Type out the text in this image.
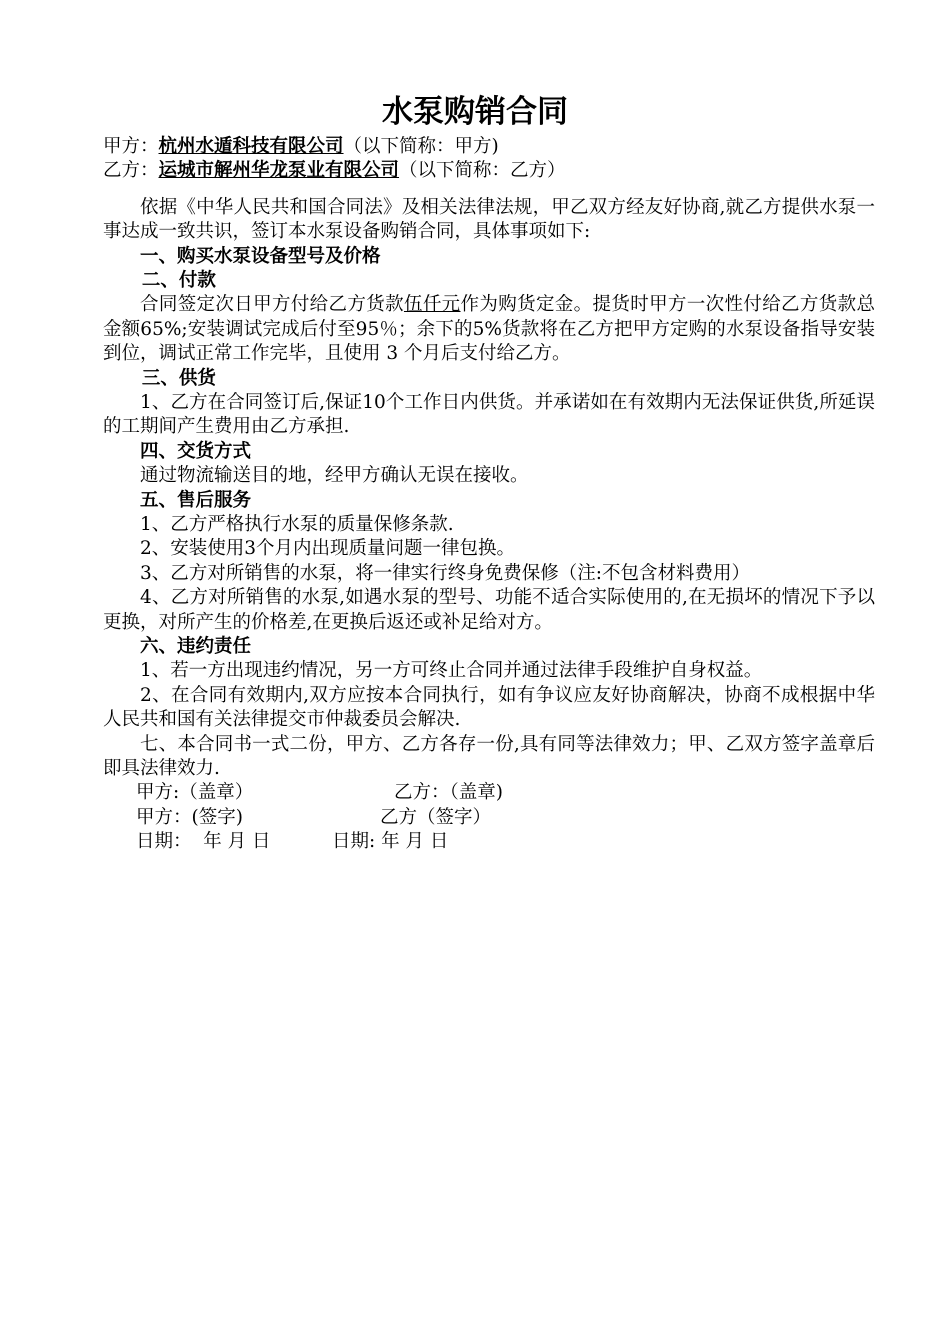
水泵购销合同
甲方：杭州水遁科技有限公司（以下简称：甲方)
乙方：运城市解州华龙泵业有限公司（以下简称：乙方）

依据《中华人民共和国合同法》及相关法律法规，甲乙双方经友好协商,就乙方提供水泵一事达成一致共识，签订本水泵设备购销合同，具体事项如下:

一、购买水泵设备型号及价格
二、付款

合同签定次日甲方付给乙方货款伍仟元作为购货定金。提货时甲方一次性付给乙方货款总金额65%;安装调试完成后付至95％；余下的5%货款将在乙方把甲方定购的水泵设备指导安装到位，调试正常工作完毕，且使用 3 个月后支付给乙方。

三、供货

1、乙方在合同签订后,保证10个工作日内供货。并承诺如在有效期内无法保证供货,所延误的工期间产生费用由乙方承担.

四、交货方式

通过物流输送目的地，经甲方确认无误在接收。

五、售后服务

1、乙方严格执行水泵的质量保修条款.

2、安装使用3个月内出现质量问题一律包换。

3、乙方对所销售的水泵，将一律实行终身免费保修（注:不包含材料费用）

4、乙方对所销售的水泵,如遇水泵的型号、功能不适合实际使用的,在无损坏的情况下予以更换，对所产生的价格差,在更换后返还或补足给对方。

六、违约责任

1、若一方出现违约情况，另一方可终止合同并通过法律手段维护自身权益。

2、在合同有效期内,双方应按本合同执行，如有争议应友好协商解决，协商不成根据中华人民共和国有关法律提交市仲裁委员会解决.

七、本合同书一式二份，甲方、乙方各存一份,具有同等法律效力；甲、乙双方签字盖章后即具法律效力.

甲方:（盖章）	乙方：（盖章)
甲方：(签字)	乙方（签字）
日期：  年 月 日	日期: 年 月 日
